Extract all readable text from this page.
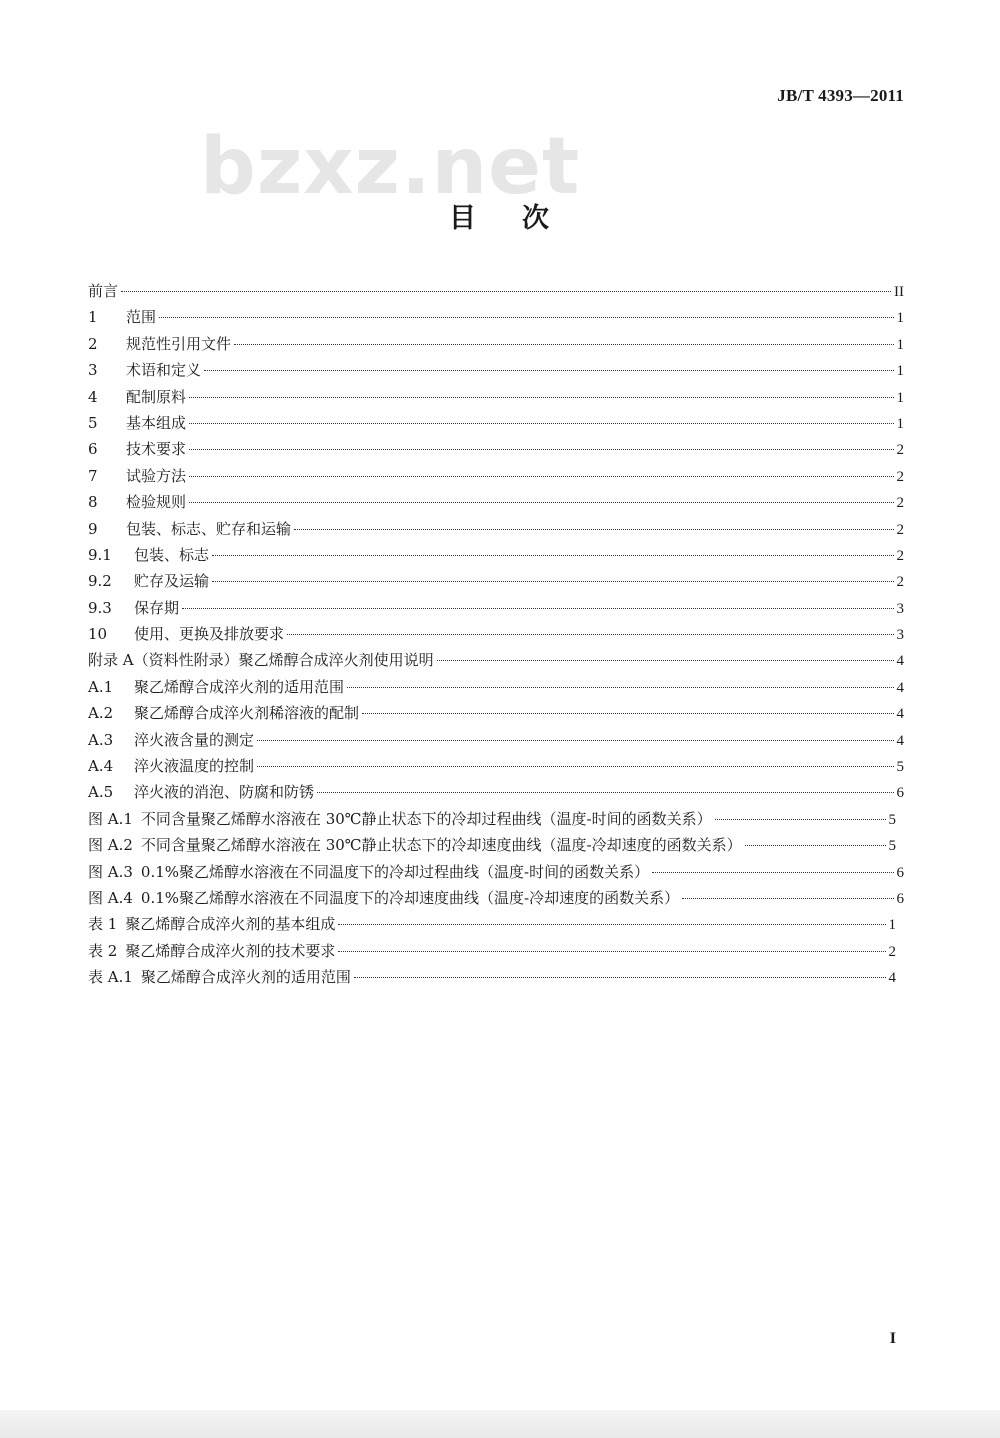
JB/T 4393—2011
bzxz.net
目 次
前言	II
1	范围	1
2	规范性引用文件	1
3	术语和定义	1
4	配制原料	1
5	基本组成	1
6	技术要求	2
7	试验方法	2
8	检验规则	2
9	包装、标志、贮存和运输	2
9.1	包装、标志	2
9.2	贮存及运输	2
9.3	保存期	3
10	使用、更换及排放要求	3
附录 A（资料性附录）聚乙烯醇合成淬火剂使用说明	4
A.1	聚乙烯醇合成淬火剂的适用范围	4
A.2	聚乙烯醇合成淬火剂稀溶液的配制	4
A.3	淬火液含量的测定	4
A.4	淬火液温度的控制	5
A.5	淬火液的消泡、防腐和防锈	6
图 A.1 不同含量聚乙烯醇水溶液在 30℃静止状态下的冷却过程曲线（温度-时间的函数关系）	5
图 A.2 不同含量聚乙烯醇水溶液在 30℃静止状态下的冷却速度曲线（温度-冷却速度的函数关系）	5
图 A.3 0.1%聚乙烯醇水溶液在不同温度下的冷却过程曲线（温度-时间的函数关系）	6
图 A.4 0.1%聚乙烯醇水溶液在不同温度下的冷却速度曲线（温度-冷却速度的函数关系）	6
表 1 聚乙烯醇合成淬火剂的基本组成	1
表 2 聚乙烯醇合成淬火剂的技术要求	2
表 A.1 聚乙烯醇合成淬火剂的适用范围	4
I
